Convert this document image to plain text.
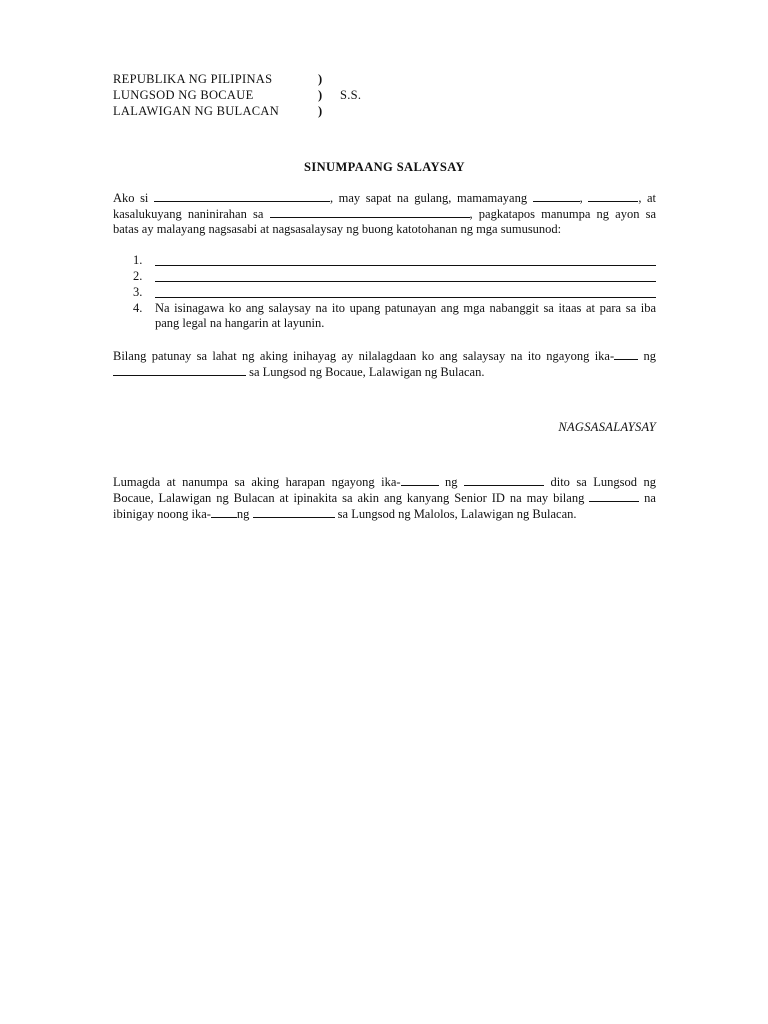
REPUBLIKA NG PILIPINAS	)
LUNGSOD NG BOCAUE	)	S.S.
LALAWIGAN NG BULACAN	)
SINUMPAANG SALAYSAY
Ako si	, may sapat na gulang, mamamayang	,	, at kasalukuyang naninirahan sa	, pagkatapos manumpa ng ayon sa batas ay malayang nagsasabi at nagsasalaysay ng buong katotohanan ng mga sumusunod:
1.
2.
3.
4.	Na isinagawa ko ang salaysay na ito upang patunayan ang mga nabanggit sa itaas at para sa iba pang legal na hangarin at layunin.
Bilang patunay sa lahat ng aking inihayag ay nilalagdaan ko ang salaysay na ito ngayong ika- ng  sa Lungsod ng Bocaue, Lalawigan ng Bulacan.
NAGSASALAYSAY
Lumagda at nanumpa sa aking harapan ngayong ika-	ng	dito sa Lungsod ng Bocaue, Lalawigan ng Bulacan at ipinakita sa akin ang kanyang Senior ID na may bilang	na ibinigay noong ika- ng	sa Lungsod ng Malolos, Lalawigan ng Bulacan.
